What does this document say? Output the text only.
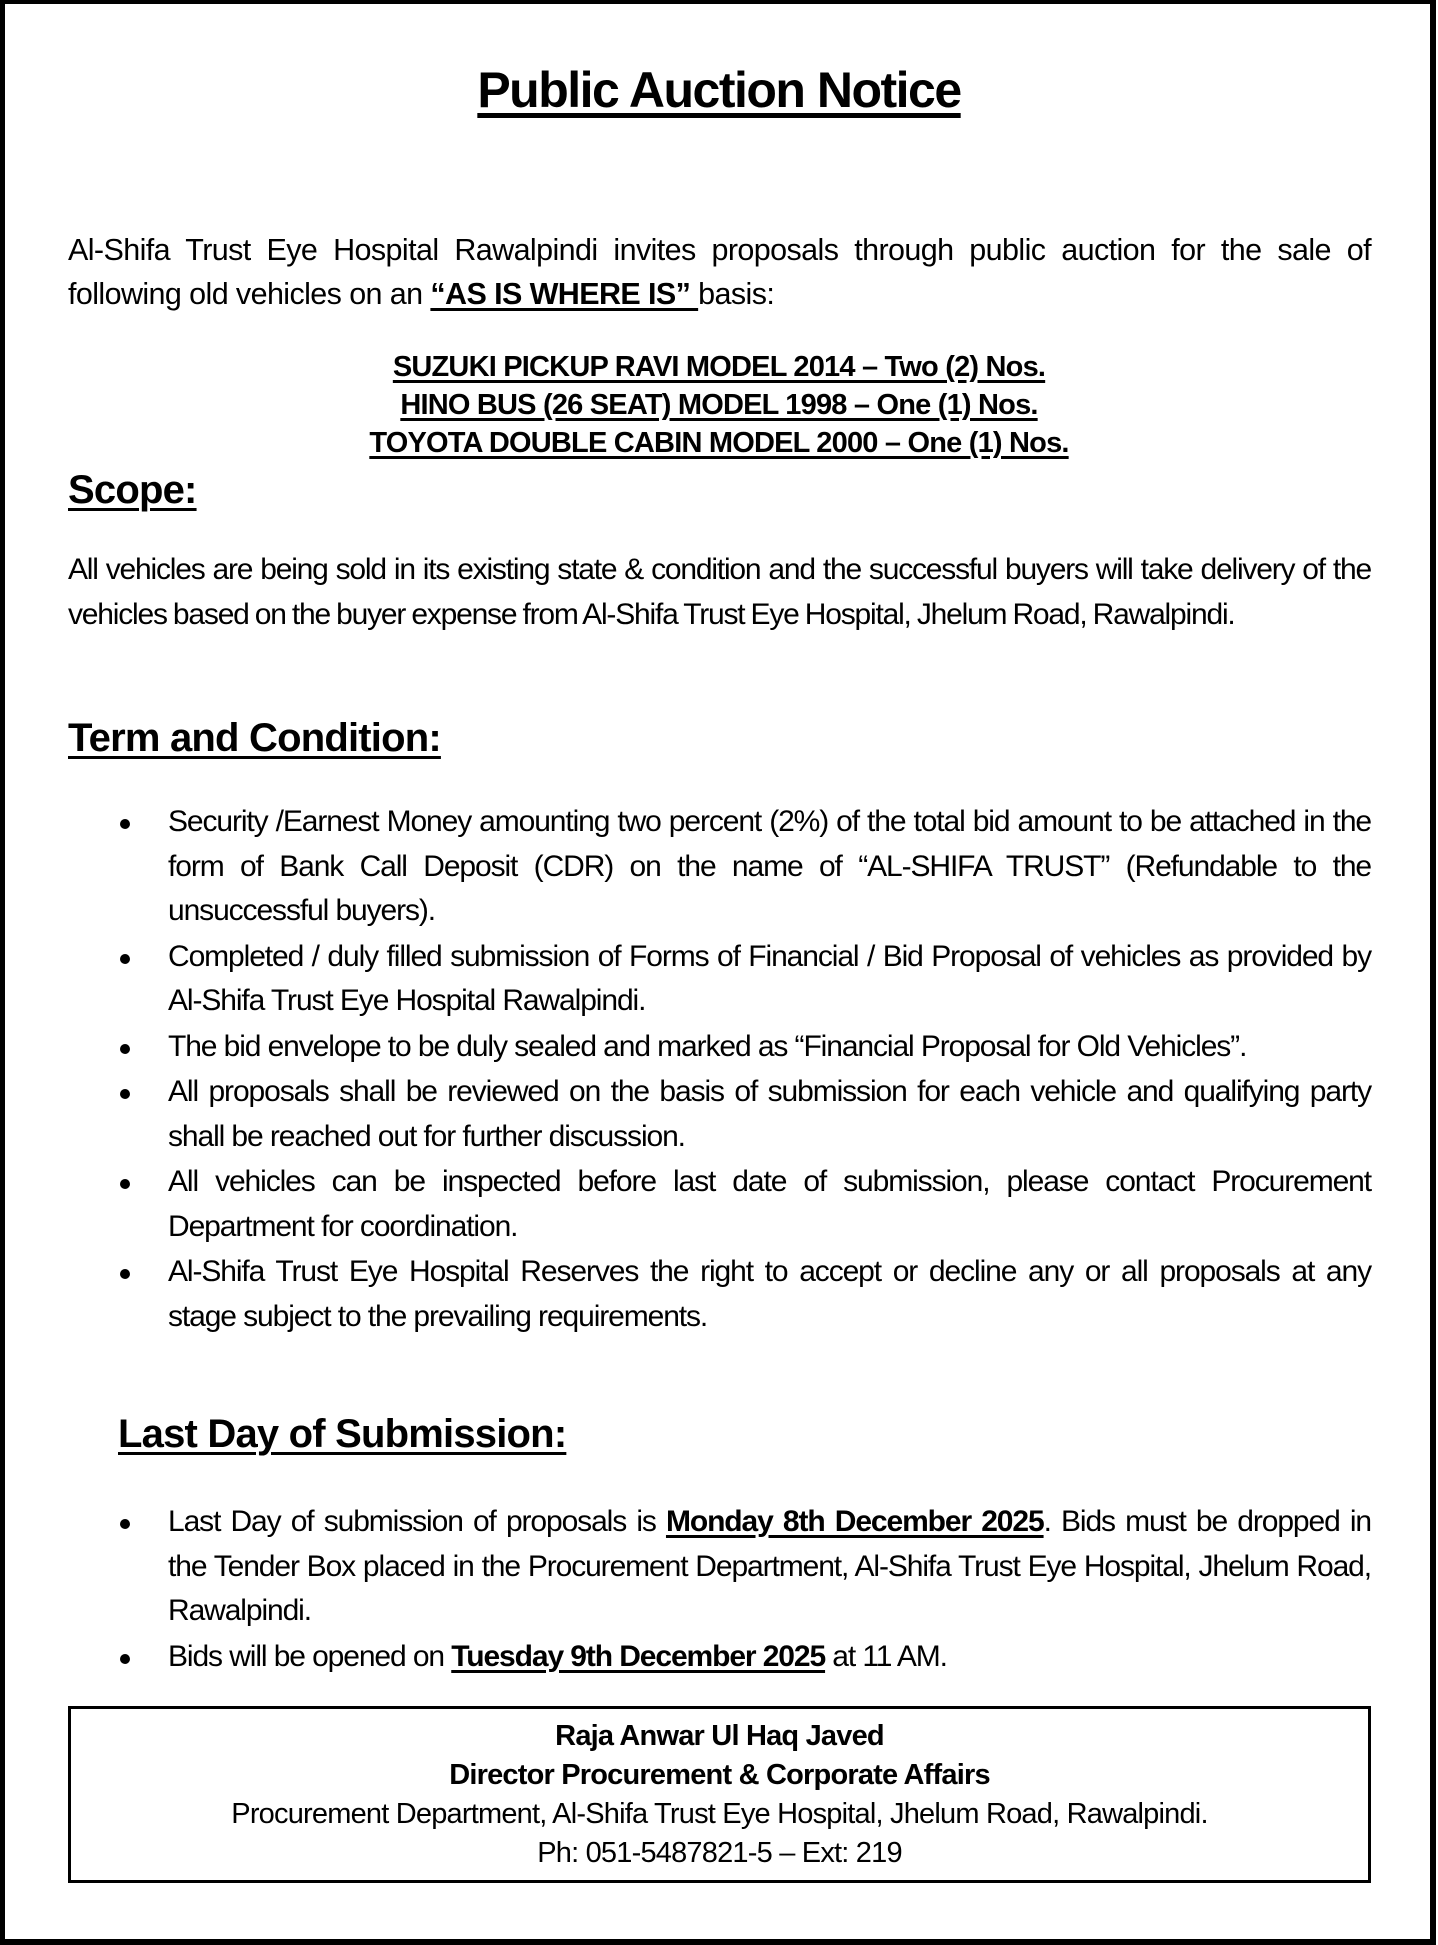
Public Auction Notice

Al-Shifa Trust Eye Hospital Rawalpindi invites proposals through public auction for the sale of following old vehicles on an “AS IS WHERE IS” basis:

SUZUKI PICKUP RAVI MODEL 2014 – Two (2) Nos.
HINO BUS (26 SEAT) MODEL 1998 – One (1) Nos.
TOYOTA DOUBLE CABIN MODEL 2000 – One (1) Nos.
Scope:

All vehicles are being sold in its existing state & condition and the successful buyers will take delivery of the vehicles based on the buyer expense from Al-Shifa Trust Eye Hospital, Jhelum Road, Rawalpindi.

Term and Condition:
Security /Earnest Money amounting two percent (2%) of the total bid amount to be attached in the form of Bank Call Deposit (CDR) on the name of “AL-SHIFA TRUST” (Refundable to the unsuccessful buyers).
Completed / duly filled submission of Forms of Financial / Bid Proposal of vehicles as provided by Al-Shifa Trust Eye Hospital Rawalpindi.
The bid envelope to be duly sealed and marked as “Financial Proposal for Old Vehicles”.
All proposals shall be reviewed on the basis of submission for each vehicle and qualifying party shall be reached out for further discussion.
All vehicles can be inspected before last date of submission, please contact Procurement Department for coordination.
Al-Shifa Trust Eye Hospital Reserves the right to accept or decline any or all proposals at any stage subject to the prevailing requirements.
Last Day of Submission:
Last Day of submission of proposals is Monday 8th December 2025. Bids must be dropped in the Tender Box placed in the Procurement Department, Al-Shifa Trust Eye Hospital, Jhelum Road, Rawalpindi.
Bids will be opened on Tuesday 9th December 2025 at 11 AM.
Raja Anwar Ul Haq Javed
Director Procurement & Corporate Affairs
Procurement Department, Al-Shifa Trust Eye Hospital, Jhelum Road, Rawalpindi.
Ph: 051-5487821-5 – Ext: 219
